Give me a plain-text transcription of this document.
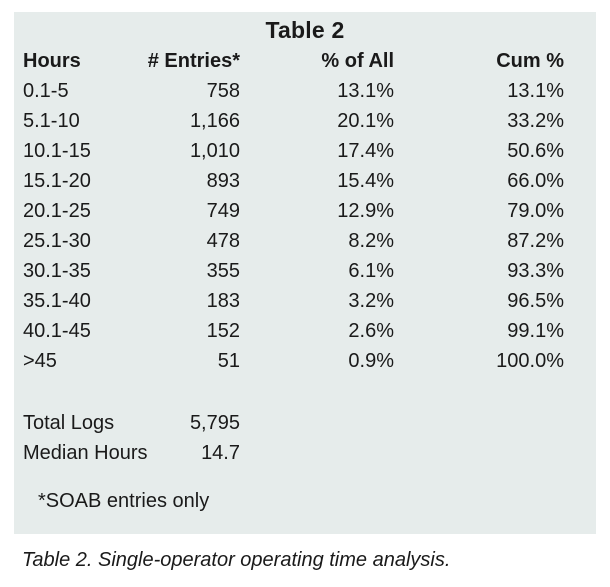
Table 2
Hours	# Entries*	% of All	Cum %
0.1-5	758	13.1%	13.1%
5.1-10	1,166	20.1%	33.2%
10.1-15	1,010	17.4%	50.6%
15.1-20	893	15.4%	66.0%
20.1-25	749	12.9%	79.0%
25.1-30	478	8.2%	87.2%
30.1-35	355	6.1%	93.3%
35.1-40	183	3.2%	96.5%
40.1-45	152	2.6%	99.1%
>45	51	0.9%	100.0%
Total Logs	5,795
Median Hours	14.7
*SOAB entries only
Table 2. Single-operator operating time analysis.
